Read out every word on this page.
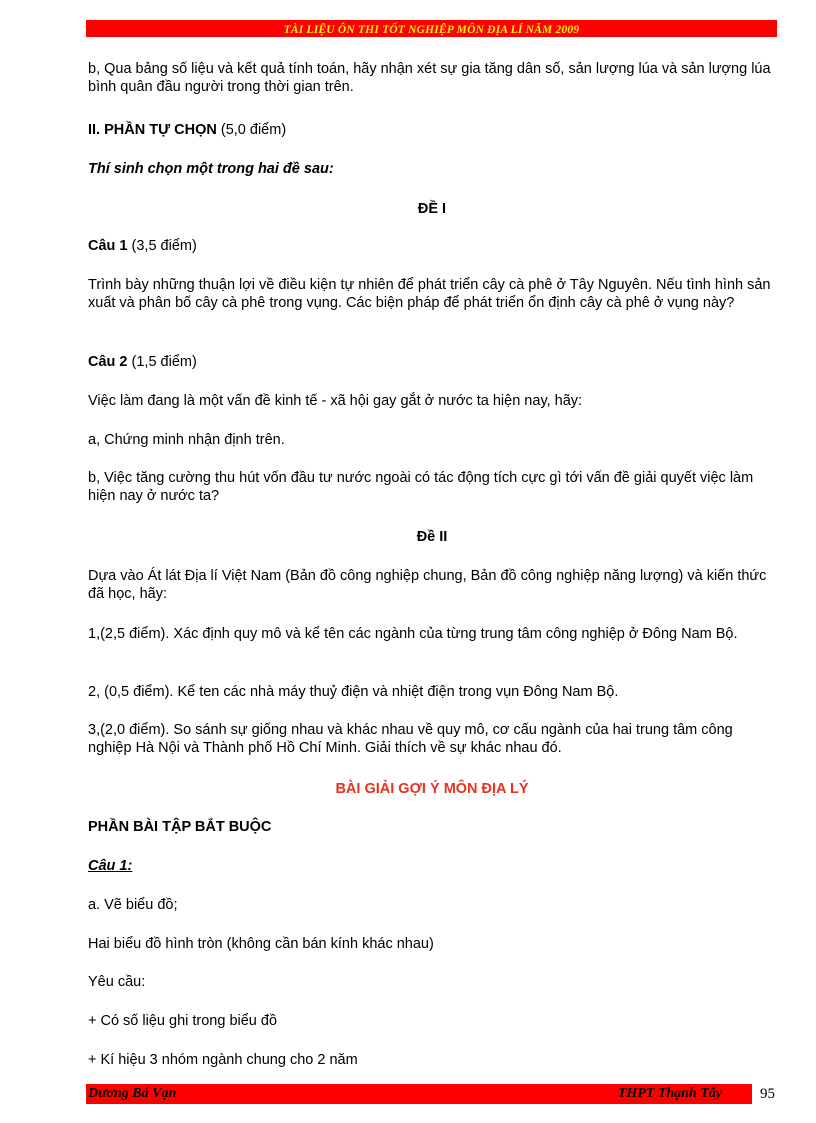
TÀI LIỆU ÔN THI TỐT NGHIỆP MÔN ĐỊA LÍ NĂM 2009

b, Qua bảng số liệu và kết quả tính toán, hãy nhận xét sự gia tăng dân số, sản lượng lúa và sản lượng lúa bình quân đầu người trong thời gian trên.

II. PHẦN TỰ CHỌN (5,0 điểm)

Thí sinh chọn một trong hai đề sau:

ĐỀ I

Câu 1 (3,5 điểm)

Trình bày những thuận lợi về điều kiện tự nhiên để phát triển cây cà phê ở Tây Nguyên. Nếu tình hình sản xuất và phân bố cây cà phê trong vụng. Các biện pháp để phát triển ổn định cây cà phê ở vụng này?

Câu 2 (1,5 điểm)

Việc làm đang là một vấn đề kinh tế - xã hội gay gắt ở nước ta hiện nay, hãy:

a, Chứng minh nhận định trên.

b, Việc tăng cường thu hút vốn đầu tư nước ngoài có tác động tích cực gì tới vấn đề giải quyết việc làm hiện nay ở nước ta?

Đề II

Dựa vào Át lát Địa lí Việt Nam (Bản đồ công nghiệp chung, Bản đồ công nghiệp năng lượng) và kiến thức đã học, hãy:

1,(2,5 điểm). Xác định quy mô và kể tên các ngành của từng trung tâm công nghiệp ở Đông Nam Bộ.

2, (0,5 điểm). Kể ten các nhà máy thuỷ điện và nhiệt điện trong vụn Đông Nam Bộ.

3,(2,0 điểm). So sánh sự giống nhau và khác nhau về quy mô, cơ cấu ngành của hai trung tâm công nghiệp Hà Nội và Thành phố Hồ Chí Minh. Giải thích về sự khác nhau đó.

BÀI GIẢI GỢI Ý MÔN ĐỊA LÝ

PHẦN BÀI TẬP BẮT BUỘC

Câu 1:

a. Vẽ biểu đồ;

Hai biểu đồ hình tròn (không cần bán kính khác nhau)

Yêu cầu:

+ Có số liệu ghi trong biểu đồ

+ Kí hiệu 3 nhóm ngành chung cho 2 năm

Dương Bá Vạn	THPT Thạnh Tây	95
